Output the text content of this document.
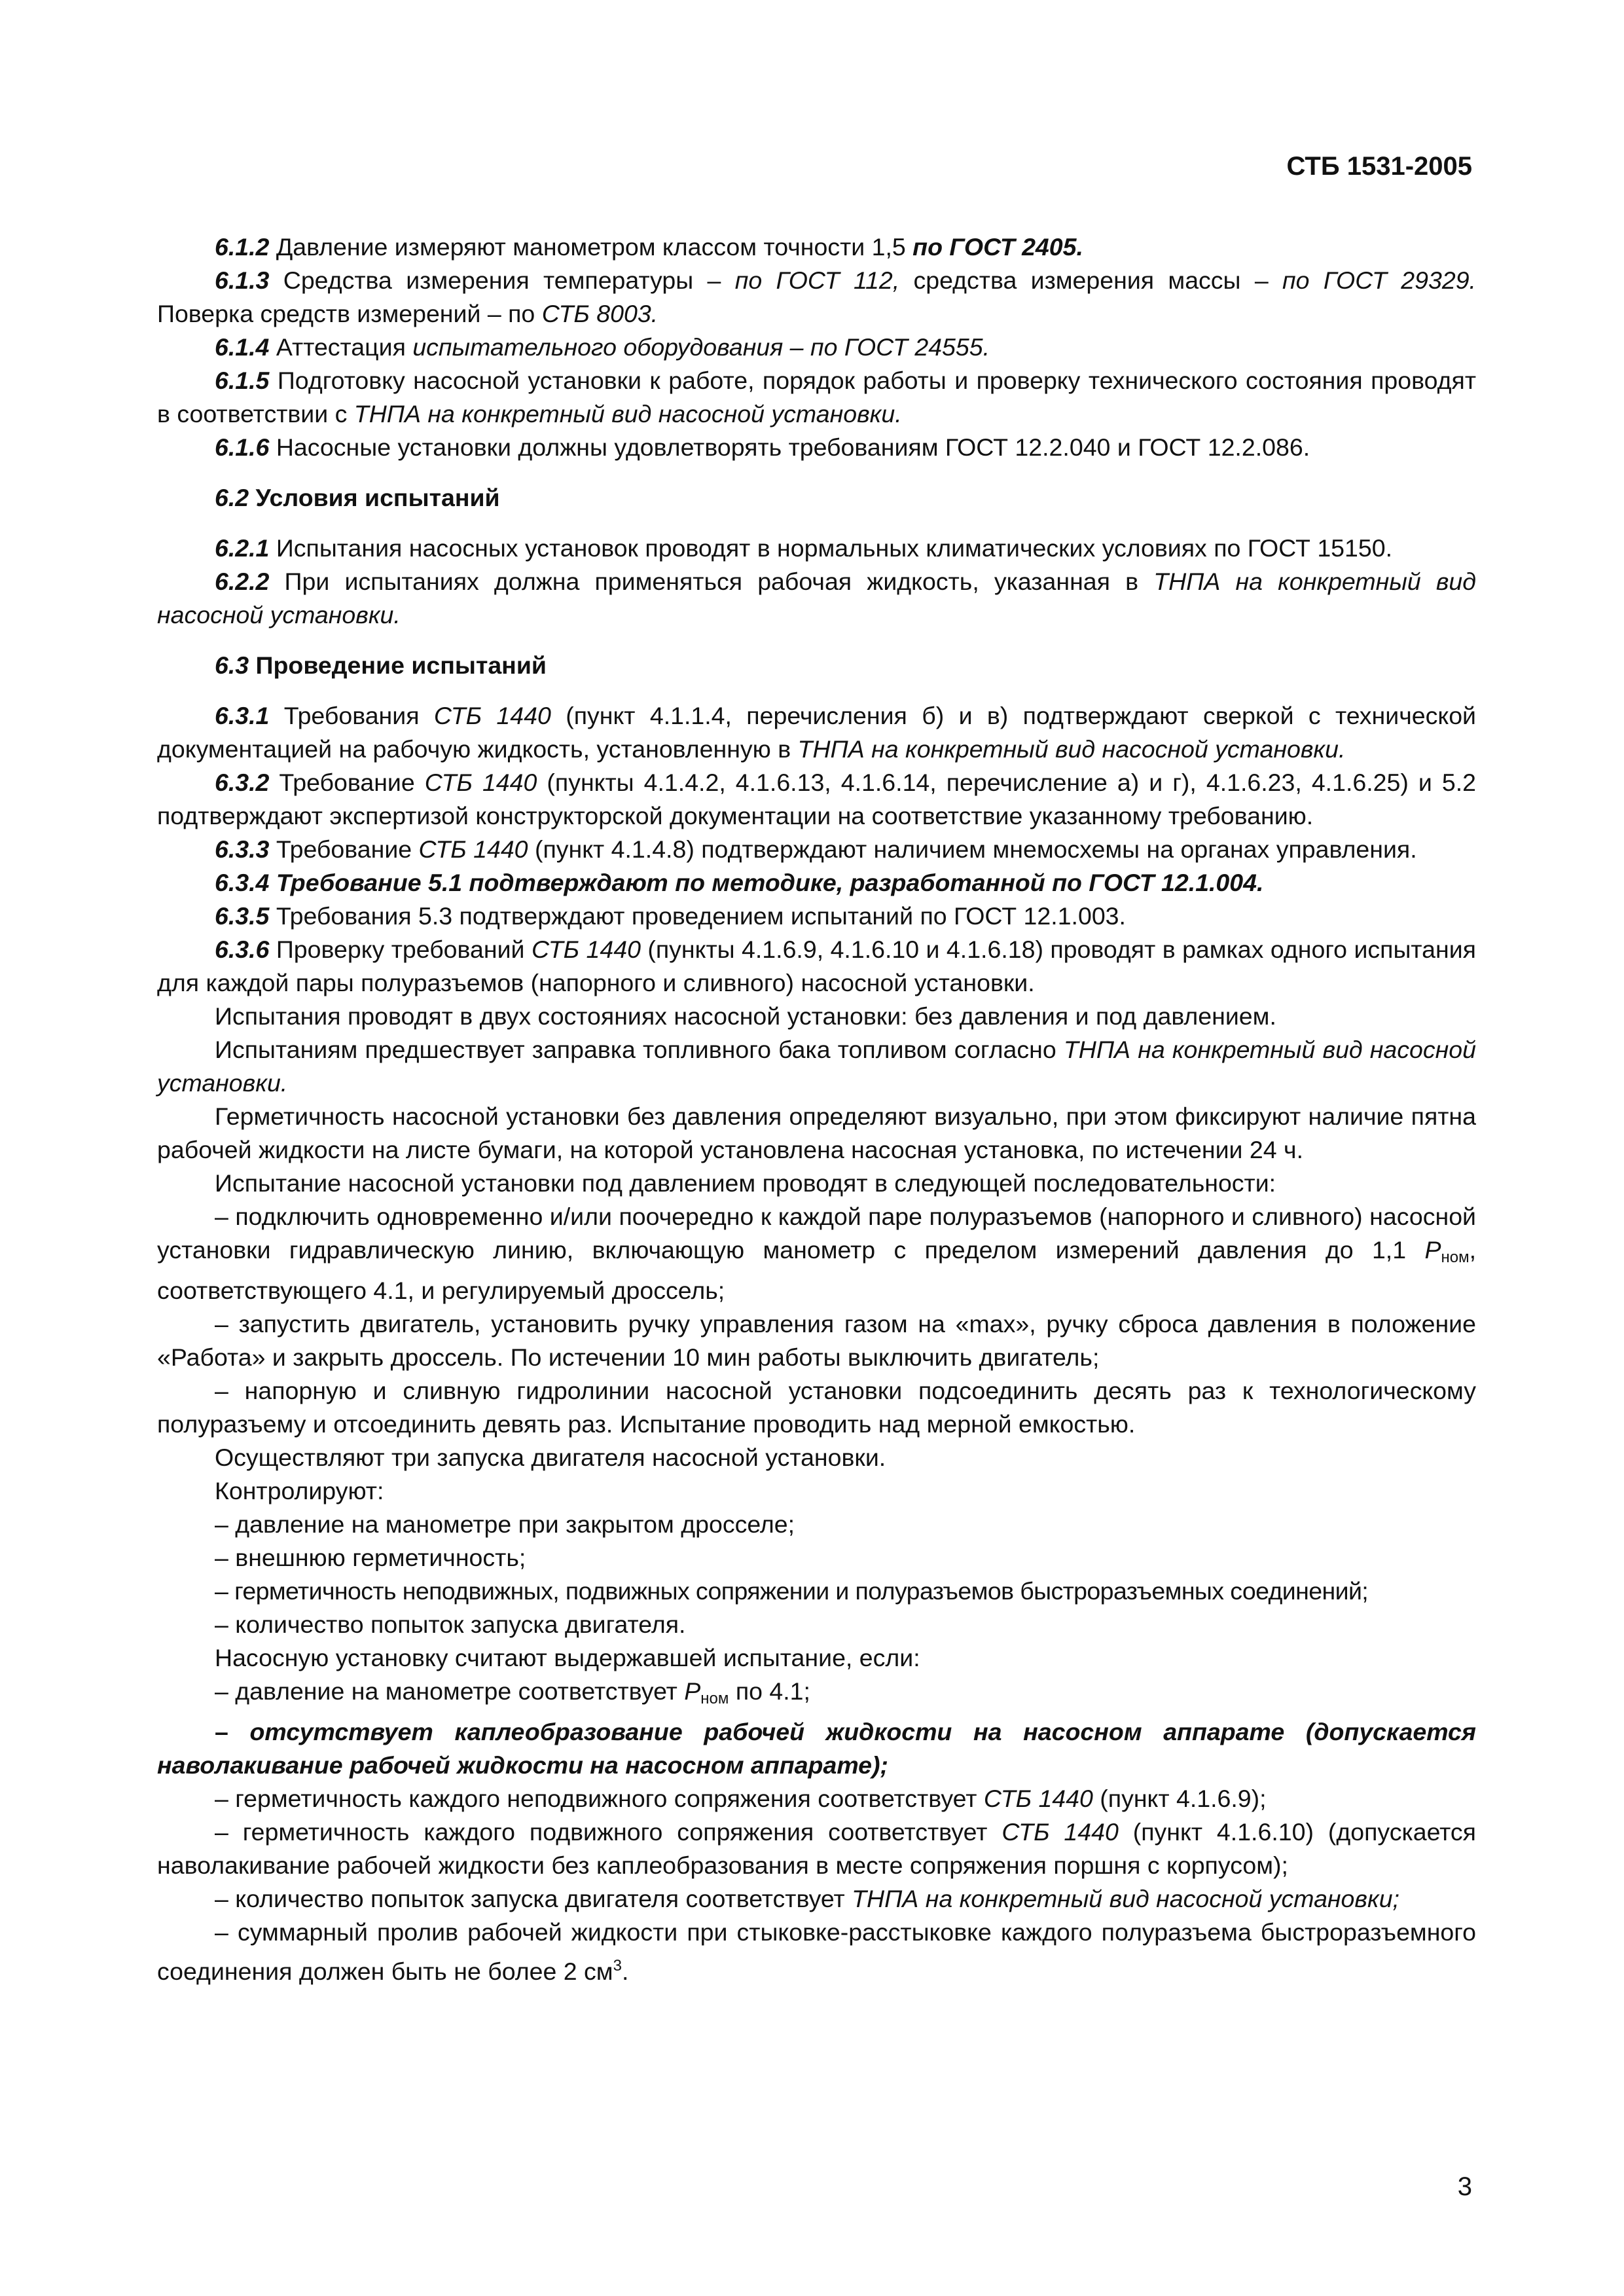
СТБ 1531-2005

6.1.2 Давление измеряют манометром классом точности 1,5 по ГОСТ 2405.

6.1.3 Средства измерения температуры – по ГОСТ 112, средства измерения массы – по ГОСТ 29329. Поверка средств измерений – по СТБ 8003.

6.1.4 Аттестация испытательного оборудования – по ГОСТ 24555.

6.1.5 Подготовку насосной установки к работе, порядок работы и проверку технического состояния проводят в соответствии с ТНПА на конкретный вид насосной установки.

6.1.6 Насосные установки должны удовлетворять требованиям ГОСТ 12.2.040 и ГОСТ 12.2.086.

6.2 Условия испытаний

6.2.1 Испытания насосных установок проводят в нормальных климатических условиях по ГОСТ 15150.

6.2.2 При испытаниях должна применяться рабочая жидкость, указанная в ТНПА на конкретный вид насосной установки.

6.3 Проведение испытаний

6.3.1 Требования СТБ 1440 (пункт 4.1.1.4, перечисления б) и в) подтверждают сверкой с технической документацией на рабочую жидкость, установленную в ТНПА на конкретный вид насосной установки.

6.3.2 Требование СТБ 1440 (пункты 4.1.4.2, 4.1.6.13, 4.1.6.14, перечисление а) и г), 4.1.6.23, 4.1.6.25) и 5.2 подтверждают экспертизой конструкторской документации на соответствие указанному требованию.

6.3.3 Требование СТБ 1440 (пункт 4.1.4.8) подтверждают наличием мнемосхемы на органах управления.

6.3.4 Требование 5.1 подтверждают по методике, разработанной по ГОСТ 12.1.004.

6.3.5 Требования 5.3 подтверждают проведением испытаний по ГОСТ 12.1.003.

6.3.6 Проверку требований СТБ 1440 (пункты 4.1.6.9, 4.1.6.10 и 4.1.6.18) проводят в рамках одного испытания для каждой пары полуразъемов (напорного и сливного) насосной установки.

Испытания проводят в двух состояниях насосной установки: без давления и под давлением.

Испытаниям предшествует заправка топливного бака топливом согласно ТНПА на конкретный вид насосной установки.

Герметичность насосной установки без давления определяют визуально, при этом фиксируют наличие пятна рабочей жидкости на листе бумаги, на которой установлена насосная установка, по истечении 24 ч.

Испытание насосной установки под давлением проводят в следующей последовательности:

– подключить одновременно и/или поочередно к каждой паре полуразъемов (напорного и сливного) насосной установки гидравлическую линию, включающую манометр с пределом измерений давления до 1,1 $P_{ном}$, соответствующего 4.1, и регулируемый дроссель;

– запустить двигатель, установить ручку управления газом на «max», ручку сброса давления в положение «Работа» и закрыть дроссель. По истечении 10 мин работы выключить двигатель;

– напорную и сливную гидролинии насосной установки подсоединить десять раз к технологическому полуразъему и отсоединить девять раз. Испытание проводить над мерной емкостью.

Осуществляют три запуска двигателя насосной установки.

Контролируют:

– давление на манометре при закрытом дросселе;

– внешнюю герметичность;

– герметичность неподвижных, подвижных сопряжении и полуразъемов быстроразъемных соединений;

– количество попыток запуска двигателя.

Насосную установку считают выдержавшей испытание, если:

– давление на манометре соответствует $P_{ном}$ по 4.1;

– отсутствует каплеобразование рабочей жидкости на насосном аппарате (допускается наволакивание рабочей жидкости на насосном аппарате);

– герметичность каждого неподвижного сопряжения соответствует СТБ 1440 (пункт 4.1.6.9);

– герметичность каждого подвижного сопряжения соответствует СТБ 1440 (пункт 4.1.6.10) (допускается наволакивание рабочей жидкости без каплеобразования в месте сопряжения поршня с корпусом);

– количество попыток запуска двигателя соответствует ТНПА на конкретный вид насосной установки;

– суммарный пролив рабочей жидкости при стыковке-расстыковке каждого полуразъема быстроразъемного соединения должен быть не более 2 $см^3$.

3
